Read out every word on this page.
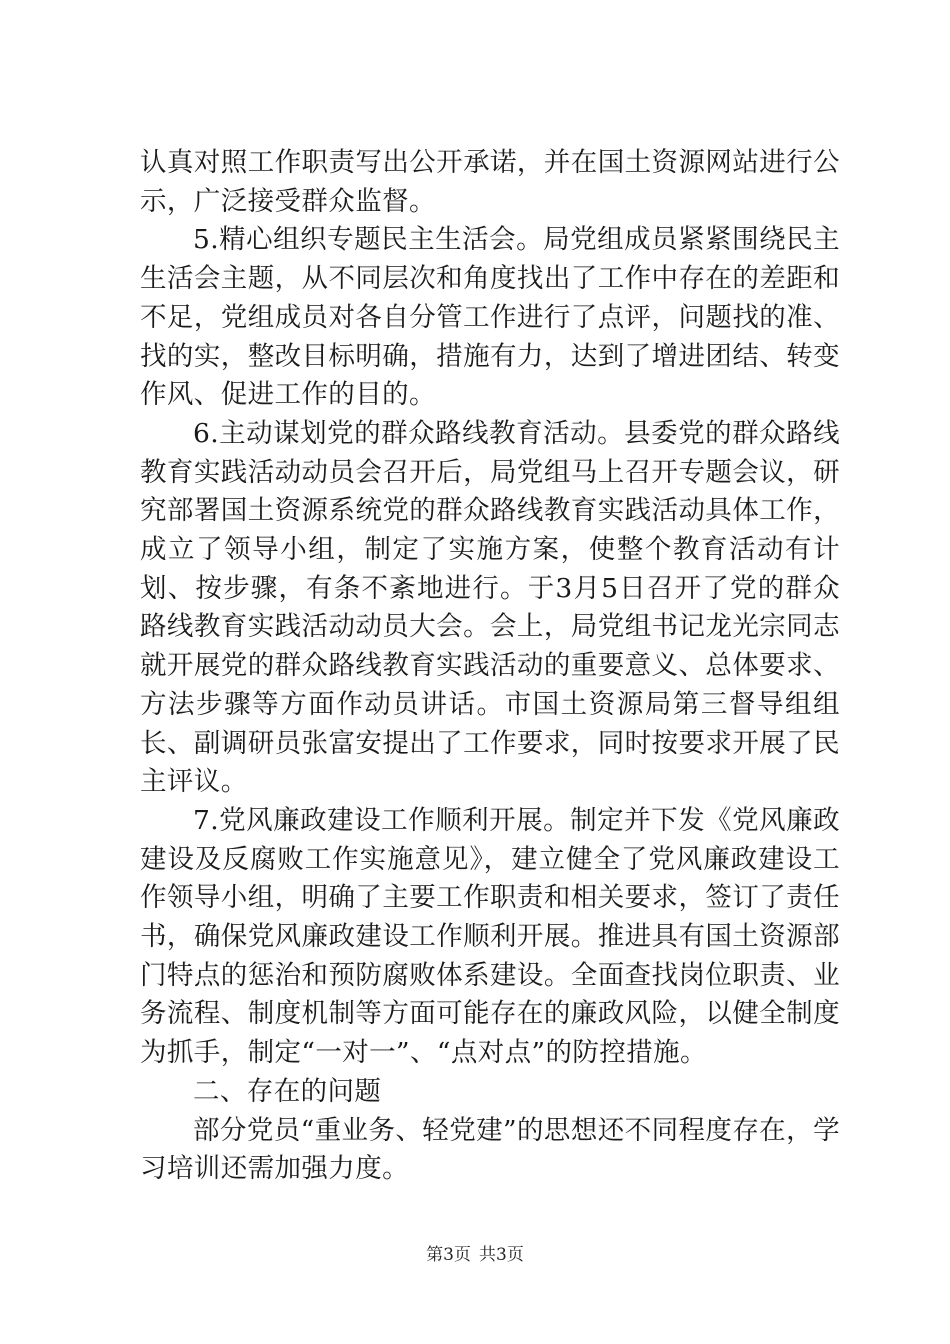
认真对照工作职责写出公开承诺，并在国土资源网站进行公示，广泛接受群众监督。

5.精心组织专题民主生活会。局党组成员紧紧围绕民主生活会主题，从不同层次和角度找出了工作中存在的差距和不足，党组成员对各自分管工作进行了点评，问题找的准、找的实，整改目标明确，措施有力，达到了增进团结、转变作风、促进工作的目的。

6.主动谋划党的群众路线教育活动。县委党的群众路线教育实践活动动员会召开后，局党组马上召开专题会议，研究部署国土资源系统党的群众路线教育实践活动具体工作，成立了领导小组，制定了实施方案，使整个教育活动有计划、按步骤，有条不紊地进行。于3月5日召开了党的群众路线教育实践活动动员大会。会上，局党组书记龙光宗同志就开展党的群众路线教育实践活动的重要意义、总体要求、方法步骤等方面作动员讲话。市国土资源局第三督导组组长、副调研员张富安提出了工作要求，同时按要求开展了民主评议。

7.党风廉政建设工作顺利开展。制定并下发《党风廉政建设及反腐败工作实施意见》，建立健全了党风廉政建设工作领导小组，明确了主要工作职责和相关要求，签订了责任书，确保党风廉政建设工作顺利开展。推进具有国土资源部门特点的惩治和预防腐败体系建设。全面查找岗位职责、业务流程、制度机制等方面可能存在的廉政风险，以健全制度为抓手，制定“一对一”、“点对点”的防控措施。

二、存在的问题

部分党员“重业务、轻党建”的思想还不同程度存在，学习培训还需加强力度。

第3页 共3页
